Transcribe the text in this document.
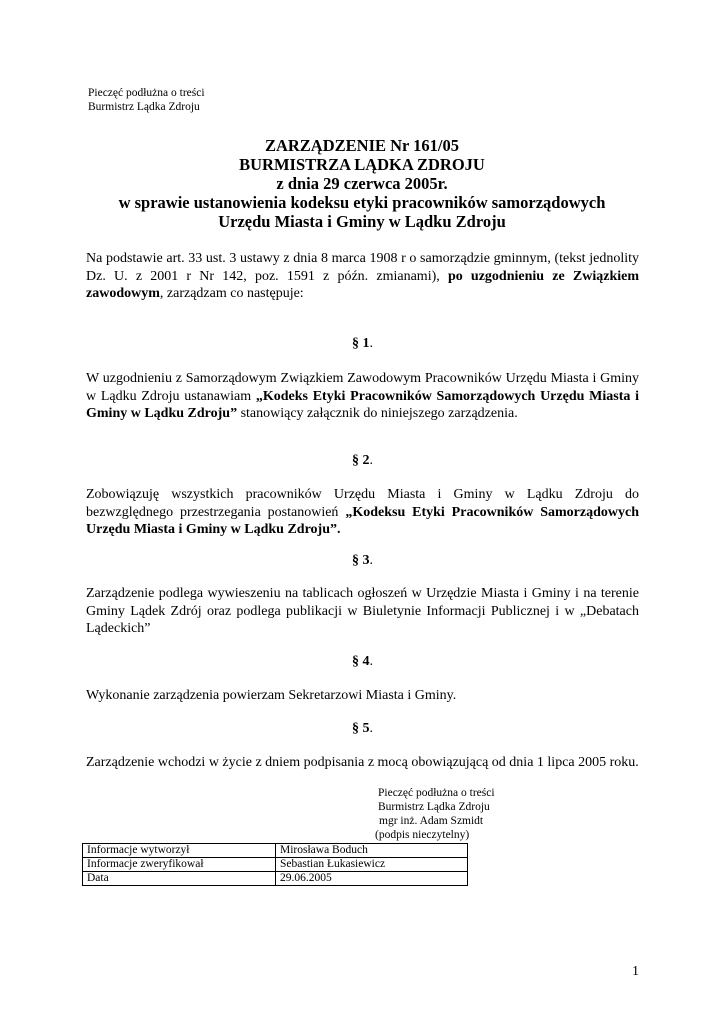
Pieczęć podłużna o treści
Burmistrz Lądka Zdroju
ZARZĄDZENIE Nr 161/05
BURMISTRZA LĄDKA ZDROJU
z dnia 29 czerwca 2005r.
w sprawie ustanowienia kodeksu etyki pracowników samorządowych
Urzędu Miasta i Gminy w Lądku Zdroju
Na podstawie art. 33 ust. 3 ustawy z dnia 8 marca 1908 r o samorządzie gminnym, (tekst jednolity Dz. U. z 2001 r Nr 142, poz. 1591 z późn. zmianami), po uzgodnieniu ze Związkiem zawodowym, zarządzam co następuje:
§ 1.
W uzgodnieniu z Samorządowym Związkiem Zawodowym Pracowników Urzędu Miasta i Gminy w Lądku Zdroju ustanawiam „Kodeks Etyki Pracowników Samorządowych Urzędu Miasta i Gminy w Lądku Zdroju” stanowiący załącznik do niniejszego zarządzenia.
§ 2.
Zobowiązuję wszystkich pracowników Urzędu Miasta i Gminy w Lądku Zdroju do bezwzględnego przestrzegania postanowień „Kodeksu Etyki Pracowników Samorządowych Urzędu Miasta i Gminy w Lądku Zdroju”.
§ 3.
Zarządzenie podlega wywieszeniu na tablicach ogłoszeń w Urzędzie Miasta i Gminy i na terenie Gminy Lądek Zdrój oraz podlega publikacji w Biuletynie Informacji Publicznej i w „Debatach Lądeckich”
§ 4.
Wykonanie zarządzenia powierzam Sekretarzowi Miasta i Gminy.
§ 5.
Zarządzenie wchodzi w życie z dniem podpisania z mocą obowiązującą od dnia 1 lipca 2005 roku.
Pieczęć podłużna o treści
Burmistrz Lądka Zdroju
mgr inż. Adam Szmidt
(podpis nieczytelny)
Informacje wytworzył	Mirosława Boduch
Informacje zweryfikował	Sebastian Łukasiewicz
Data	29.06.2005
1
